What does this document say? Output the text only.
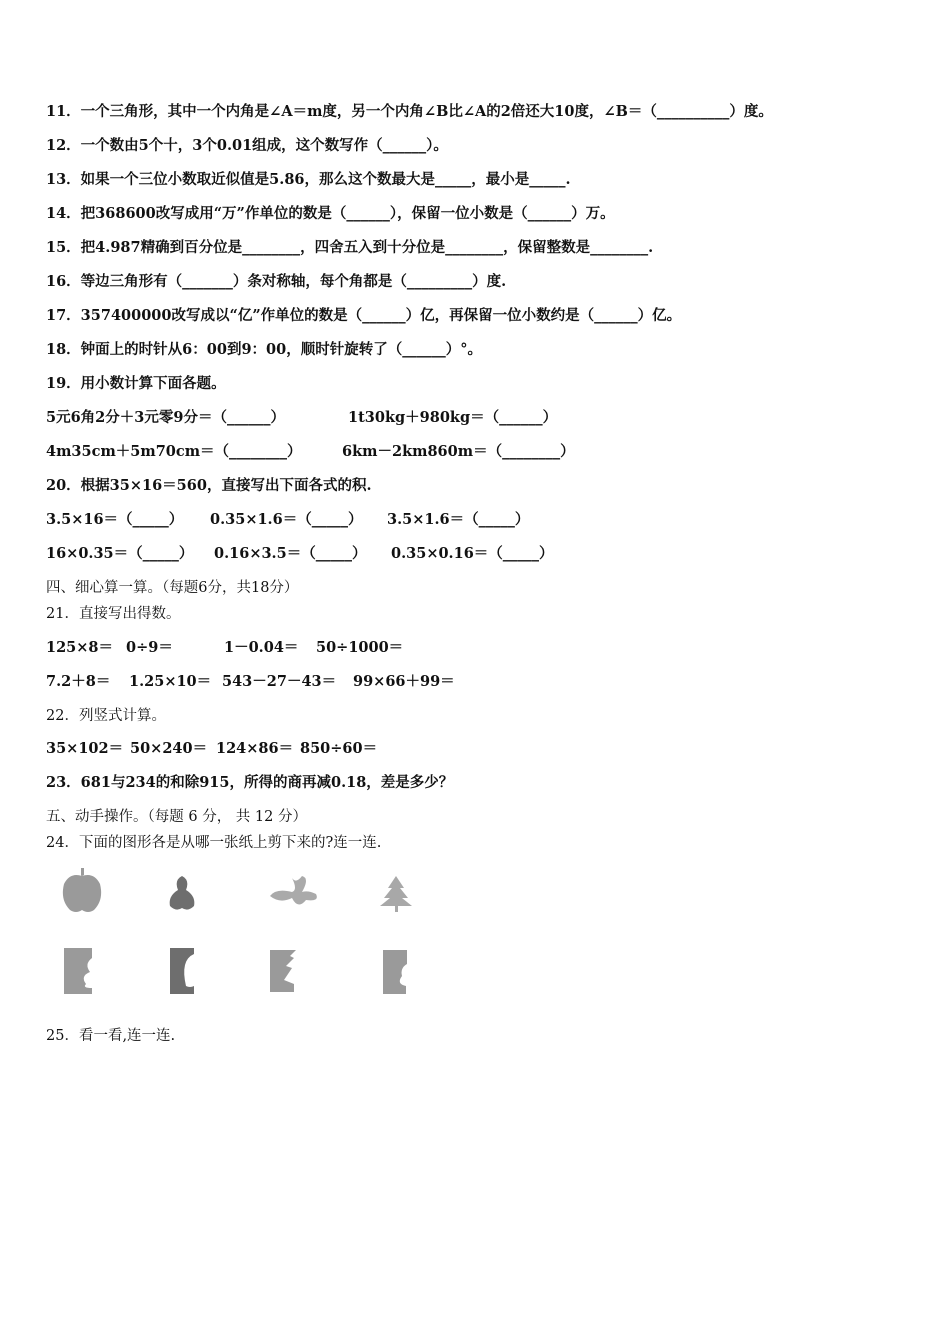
11．一个三角形，其中一个内角是∠A＝m度，另一个内角∠B比∠A的2倍还大10度，∠B＝（__________）度。
12．一个数由5个十，3个0.01组成，这个数写作（______）。
13．如果一个三位小数取近似值是5.86，那么这个数最大是_____，最小是_____.
14．把368600改写成用“万”作单位的数是（______），保留一位小数是（______）万。
15．把4.987精确到百分位是________，四舍五入到十分位是________，保留整数是________.
16．等边三角形有（_______）条对称轴，每个角都是（_________）度.
17．357400000改写成以“亿”作单位的数是（______）亿，再保留一位小数约是（______）亿。
18．钟面上的时针从6：00到9：00，顺时针旋转了（______）°。
19．用小数计算下面各题。
5元6角2分＋3元零9分＝（______）	1t30kg＋980kg＝（______）
4m35cm＋5m70cm＝（________）	6km－2km860m＝（________）
20．根据35×16＝560，直接写出下面各式的积.
3.5×16＝（_____） 0.35×1.6＝（_____） 3.5×1.6＝（_____）
16×0.35＝（_____） 0.16×3.5＝（_____） 0.35×0.16＝（_____）
四、细心算一算。（每题6分，共18分）
21．直接写出得数。
125×8＝ 0÷9＝	1－0.04＝ 50÷1000＝
7.2＋8＝ 1.25×10＝ 543－27－43＝ 99×66＋99＝
22．列竖式计算。
35×102＝ 50×240＝ 124×86＝ 850÷60＝
23．681与234的和除915，所得的商再减0.18，差是多少？
五、动手操作。（每题 6 分， 共 12 分）
24．下面的图形各是从哪一张纸上剪下来的?连一连.
25．看一看,连一连.
